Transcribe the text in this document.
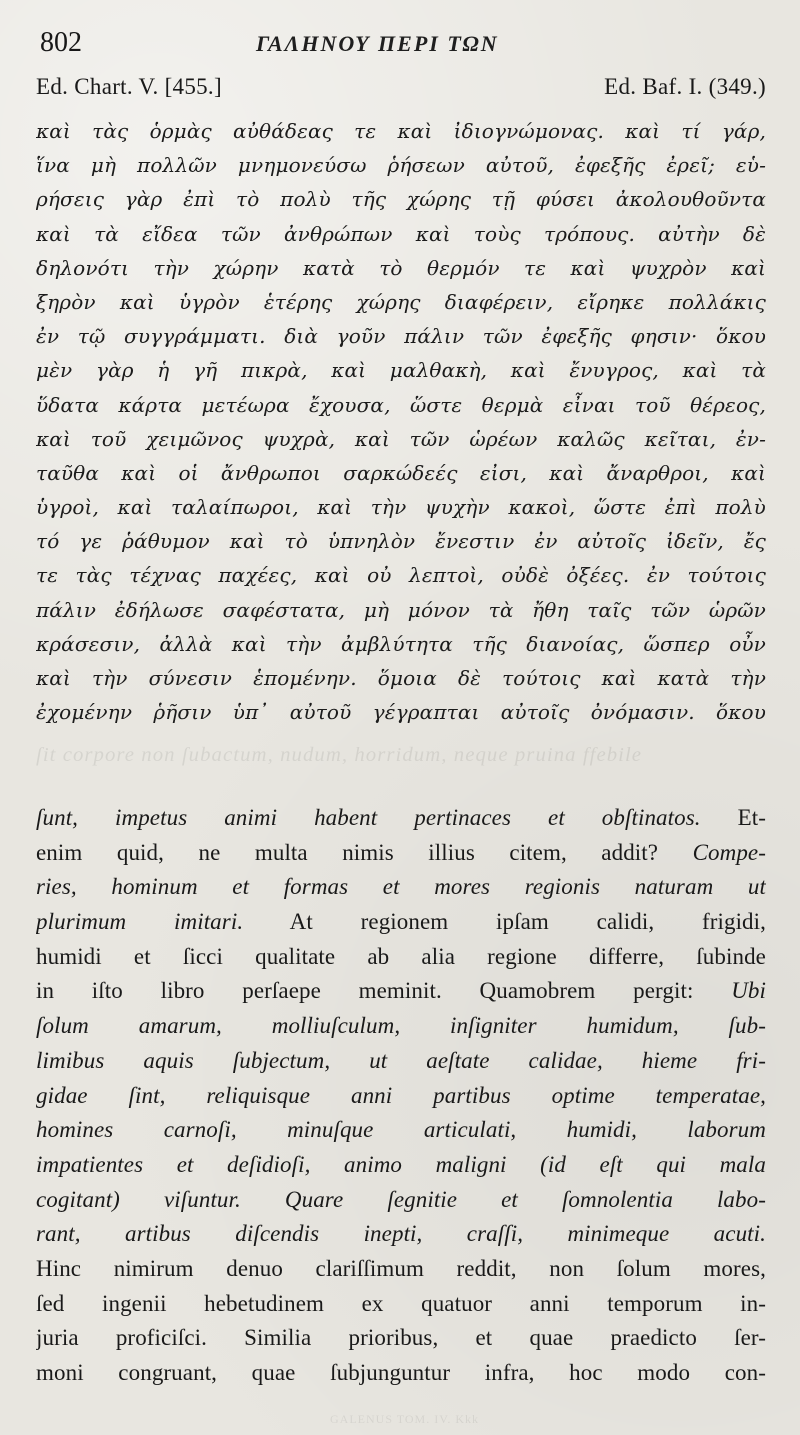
ſit corpore non ſubactum, nudum, horridum, neque pruina ffebile
GALENUS TOM. IV. Kkk
802	ΓΑΛΗΝΟΥ ΠΕΡΙ ΤΩΝ
Ed. Chart. V. [455.]	Ed. Baf. I. (349.)
καὶ τὰς ὁρμὰς αὐθάδεας τε καὶ ἰδιογνώμονας. καὶ τί γάρ,
ἵνα μὴ πολλῶν μνημονεύσω ῥήσεων αὐτοῦ, ἐφεξῆς ἐρεῖ; εὑ-
ρήσεις γὰρ ἐπὶ τὸ πολὺ τῆς χώρης τῇ φύσει ἀκολουθοῦντα
καὶ τὰ εἴδεα τῶν ἀνθρώπων καὶ τοὺς τρόπους. αὐτὴν δὲ
δηλονότι τὴν χώρην κατὰ τὸ θερμόν τε καὶ ψυχρὸν καὶ
ξηρὸν καὶ ὑγρὸν ἑτέρης χώρης διαφέρειν, εἴρηκε πολλάκις
ἐν τῷ συγγράμματι. διὰ γοῦν πάλιν τῶν ἐφεξῆς φησιν· ὅκου
μὲν γὰρ ἡ γῆ πικρὰ, καὶ μαλθακὴ, καὶ ἔνυγρος, καὶ τὰ
ὕδατα κάρτα μετέωρα ἔχουσα, ὥστε θερμὰ εἶναι τοῦ θέρεος,
καὶ τοῦ χειμῶνος ψυχρὰ, καὶ τῶν ὡρέων καλῶς κεῖται, ἐν-
ταῦθα καὶ οἱ ἄνθρωποι σαρκώδεές εἰσι, καὶ ἄναρθροι, καὶ
ὑγροὶ, καὶ ταλαίπωροι, καὶ τὴν ψυχὴν κακοὶ, ὥστε ἐπὶ πολὺ
τό γε ῥάθυμον καὶ τὸ ὑπνηλὸν ἔνεστιν ἐν αὐτοῖς ἰδεῖν, ἔς
τε τὰς τέχνας παχέες, καὶ οὐ λεπτοὶ, οὐδὲ ὀξέες. ἐν τούτοις
πάλιν ἐδήλωσε σαφέστατα, μὴ μόνον τὰ ἤθη ταῖς τῶν ὡρῶν
κράσεσιν, ἀλλὰ καὶ τὴν ἀμβλύτητα τῆς διανοίας, ὥσπερ οὖν
καὶ τὴν σύνεσιν ἑπομένην. ὅμοια δὲ τούτοις καὶ κατὰ τὴν
ἐχομένην ῥῆσιν ὑπ᾽ αὐτοῦ γέγραπται αὐτοῖς ὀνόμασιν. ὅκου
ſunt, impetus animi habent pertinaces et obſtinatos. Et-
enim quid, ne multa nimis illius citem, addit? Compe-
ries, hominum et formas et mores regionis naturam ut
plurimum imitari. At regionem ipſam calidi, frigidi,
humidi et ſicci qualitate ab alia regione differre, ſubinde
in iſto libro perſaepe meminit. Quamobrem pergit: Ubi
ſolum amarum, molliuſculum, inſigniter humidum, ſub-
limibus aquis ſubjectum, ut aeſtate calidae, hieme fri-
gidae ſint, reliquisque anni partibus optime temperatae,
homines carnoſi, minuſque articulati, humidi, laborum
impatientes et deſidioſi, animo maligni (id eſt qui mala
cogitant) viſuntur. Quare ſegnitie et ſomnolentia labo-
rant, artibus diſcendis inepti, craſſi, minimeque acuti.
Hinc nimirum denuo clariſſimum reddit, non ſolum mores,
ſed ingenii hebetudinem ex quatuor anni temporum in-
juria proficiſci. Similia prioribus, et quae praedicto ſer-
moni congruant, quae ſubjunguntur infra, hoc modo con-
